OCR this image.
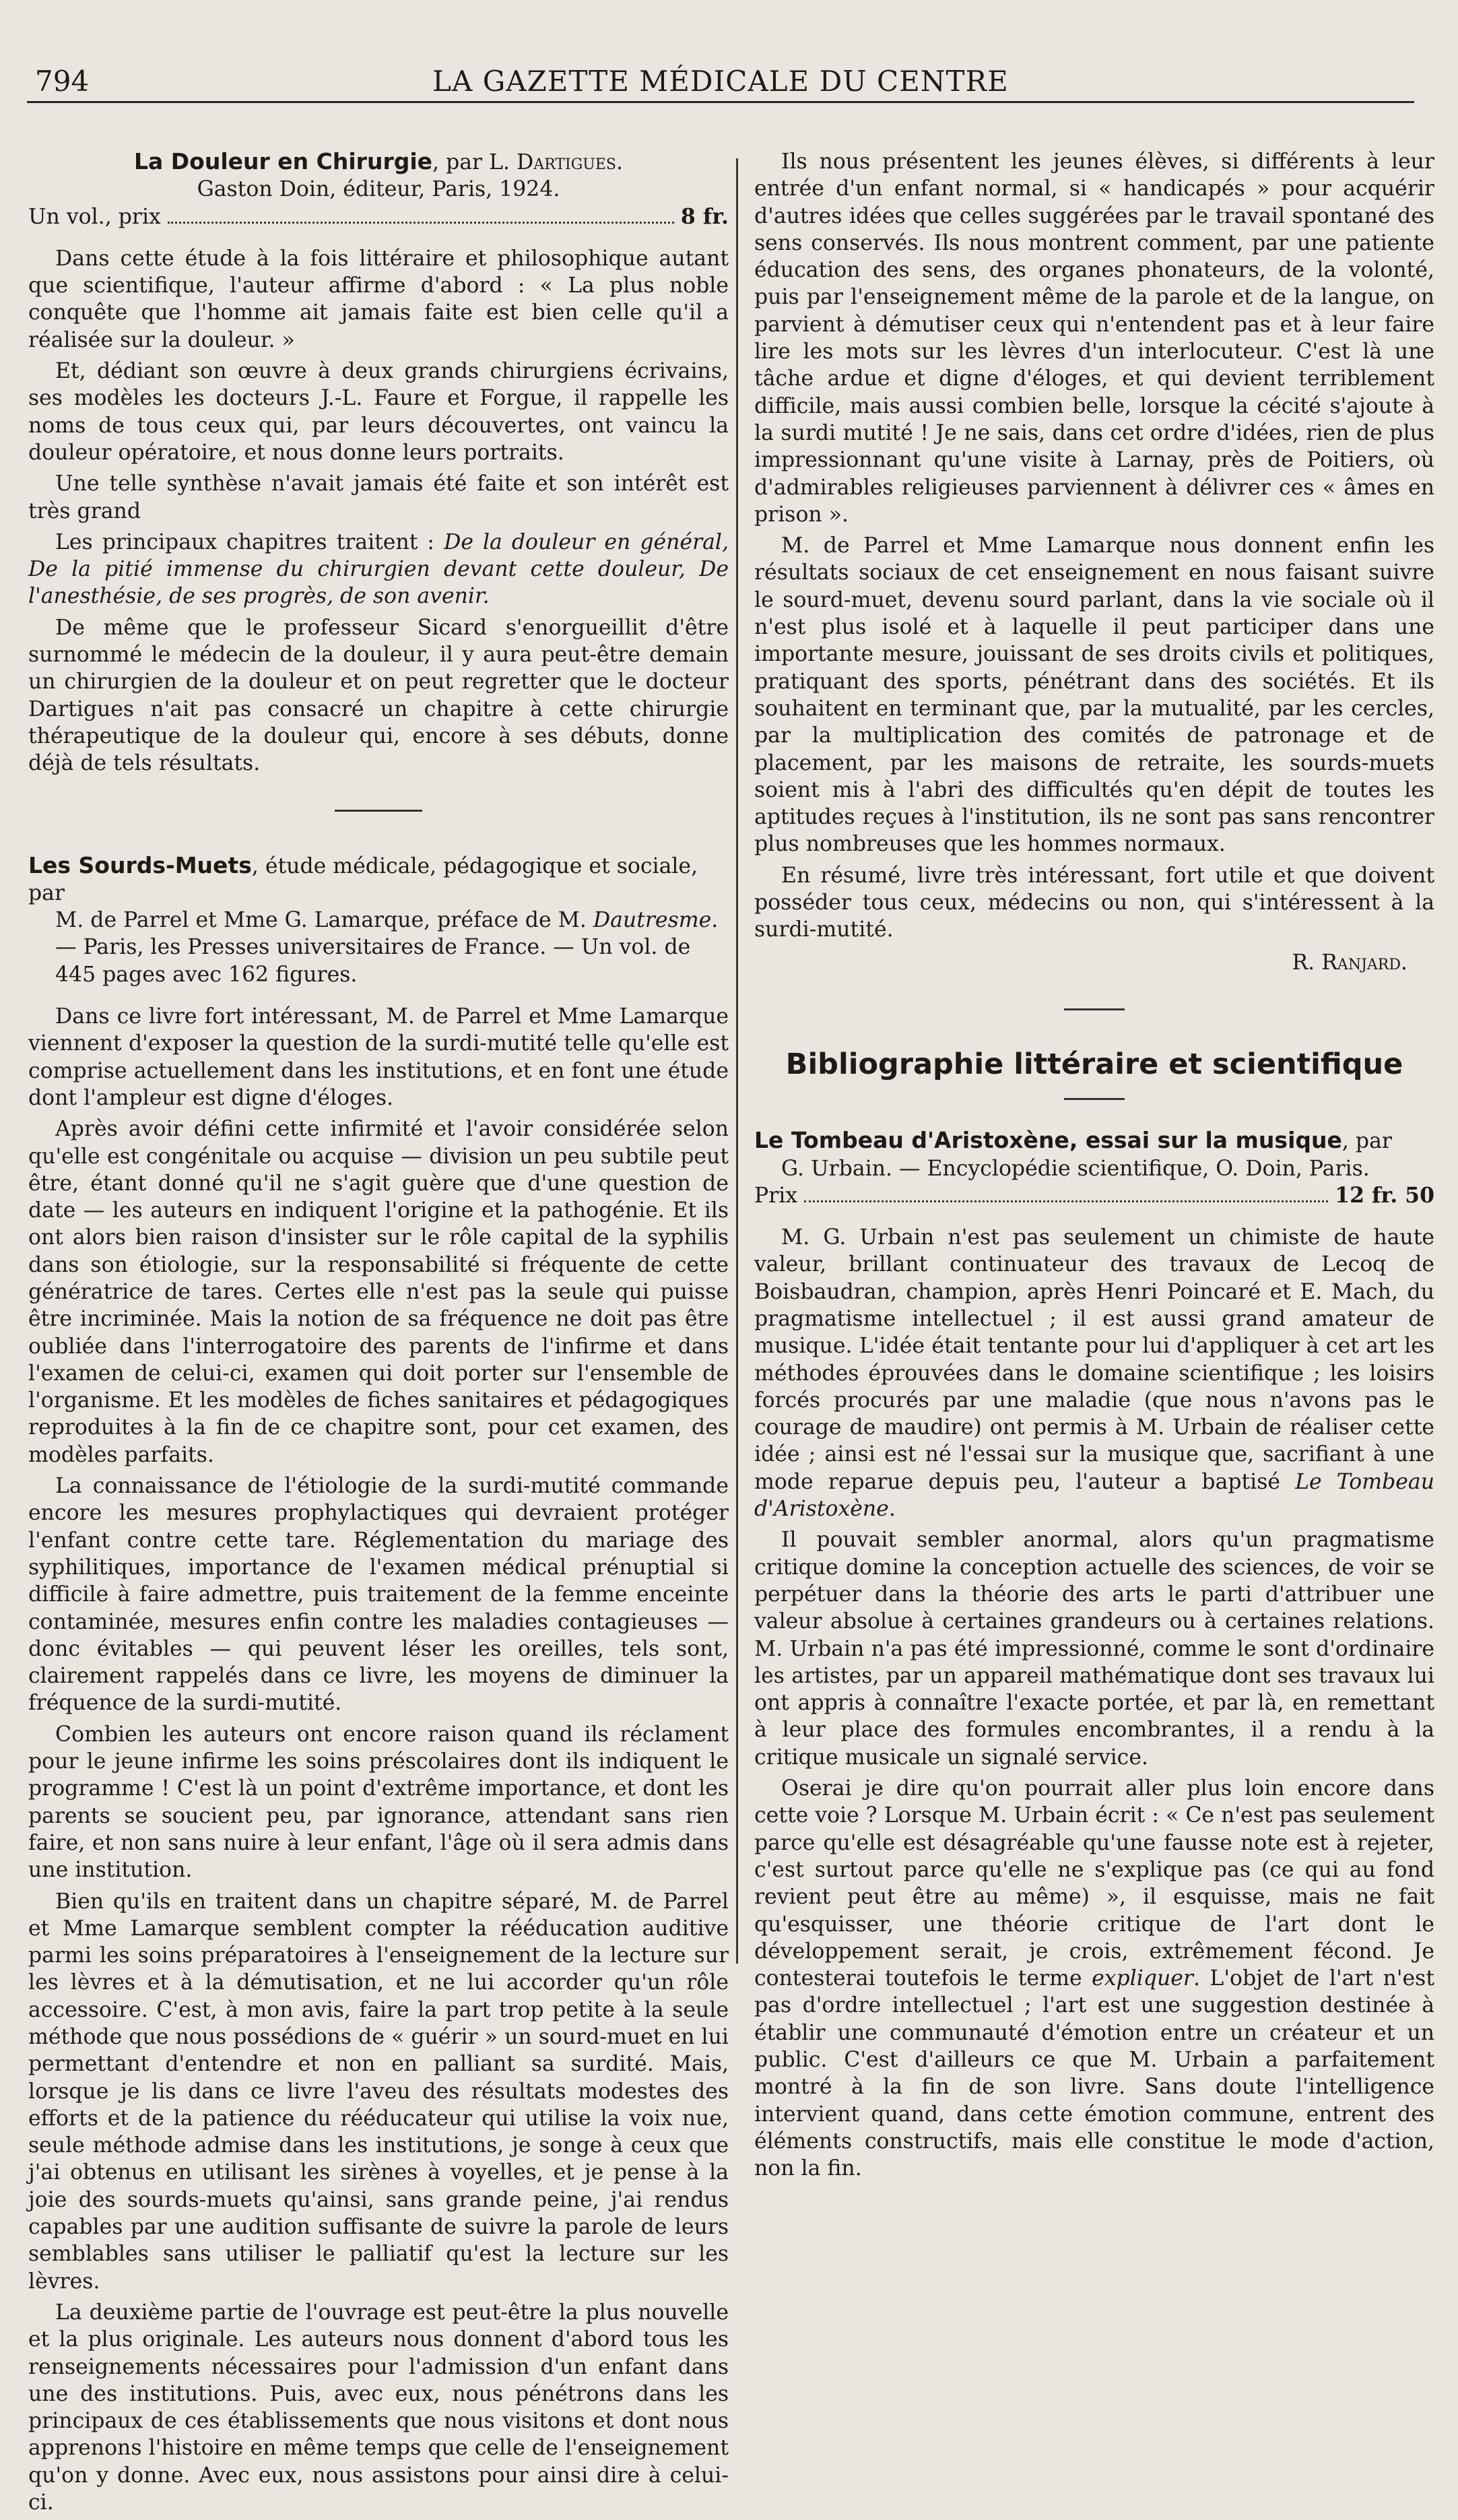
794	LA GAZETTE MÉDICALE DU CENTRE
La Douleur en Chirurgie, par L. Dartigues.
Gaston Doin, éditeur, Paris, 1924.
Un vol., prix	8 fr.

Dans cette étude à la fois littéraire et philosophique autant que scientifique, l'auteur affirme d'abord : « La plus noble conquête que l'homme ait jamais faite est bien celle qu'il a réalisée sur la douleur. »

Et, dédiant son œuvre à deux grands chirurgiens écrivains, ses modèles les docteurs J.-L. Faure et Forgue, il rappelle les noms de tous ceux qui, par leurs découvertes, ont vaincu la douleur opératoire, et nous donne leurs portraits.

Une telle synthèse n'avait jamais été faite et son intérêt est très grand

Les principaux chapitres traitent : De la douleur en général, De la pitié immense du chirurgien devant cette douleur, De l'anesthésie, de ses progrès, de son avenir.

De même que le professeur Sicard s'enorgueillit d'être surnommé le médecin de la douleur, il y aura peut-être demain un chirurgien de la douleur et on peut regretter que le docteur Dartigues n'ait pas consacré un chapitre à cette chirurgie thérapeutique de la douleur qui, encore à ses débuts, donne déjà de tels résultats.

Les Sourds-Muets, étude médicale, pédagogique et sociale, par
M. de Parrel et Mme G. Lamarque, préface de M. Dautresme. — Paris, les Presses universitaires de France. — Un vol. de 445 pages avec 162 figures.

Dans ce livre fort intéressant, M. de Parrel et Mme Lamarque viennent d'exposer la question de la surdi-mutité telle qu'elle est comprise actuellement dans les institutions, et en font une étude dont l'ampleur est digne d'éloges.

Après avoir défini cette infirmité et l'avoir considérée selon qu'elle est congénitale ou acquise — division un peu subtile peut être, étant donné qu'il ne s'agit guère que d'une question de date — les auteurs en indiquent l'origine et la pathogénie. Et ils ont alors bien raison d'insister sur le rôle capital de la syphilis dans son étiologie, sur la responsabilité si fréquente de cette génératrice de tares. Certes elle n'est pas la seule qui puisse être incriminée. Mais la notion de sa fréquence ne doit pas être oubliée dans l'interrogatoire des parents de l'infirme et dans l'examen de celui-ci, examen qui doit porter sur l'ensemble de l'organisme. Et les modèles de fiches sanitaires et pédagogiques reproduites à la fin de ce chapitre sont, pour cet examen, des modèles parfaits.

La connaissance de l'étiologie de la surdi-mutité commande encore les mesures prophylactiques qui devraient protéger l'enfant contre cette tare. Réglementation du mariage des syphilitiques, importance de l'examen médical prénuptial si difficile à faire admettre, puis traitement de la femme enceinte contaminée, mesures enfin contre les maladies contagieuses — donc évitables — qui peuvent léser les oreilles, tels sont, clairement rappelés dans ce livre, les moyens de diminuer la fréquence de la surdi-mutité.

Combien les auteurs ont encore raison quand ils réclament pour le jeune infirme les soins préscolaires dont ils indiquent le programme ! C'est là un point d'extrême importance, et dont les parents se soucient peu, par ignorance, attendant sans rien faire, et non sans nuire à leur enfant, l'âge où il sera admis dans une institution.

Bien qu'ils en traitent dans un chapitre séparé, M. de Parrel et Mme Lamarque semblent compter la rééducation auditive parmi les soins préparatoires à l'enseignement de la lecture sur les lèvres et à la démutisation, et ne lui accorder qu'un rôle accessoire. C'est, à mon avis, faire la part trop petite à la seule méthode que nous possédions de « guérir » un sourd-muet en lui permettant d'entendre et non en palliant sa surdité. Mais, lorsque je lis dans ce livre l'aveu des résultats modestes des efforts et de la patience du rééducateur qui utilise la voix nue, seule méthode admise dans les institutions, je songe à ceux que j'ai obtenus en utilisant les sirènes à voyelles, et je pense à la joie des sourds-muets qu'ainsi, sans grande peine, j'ai rendus capables par une audition suffisante de suivre la parole de leurs semblables sans utiliser le palliatif qu'est la lecture sur les lèvres.

La deuxième partie de l'ouvrage est peut-être la plus nouvelle et la plus originale. Les auteurs nous donnent d'abord tous les renseignements nécessaires pour l'admission d'un enfant dans une des institutions. Puis, avec eux, nous pénétrons dans les principaux de ces établissements que nous visitons et dont nous apprenons l'histoire en même temps que celle de l'enseignement qu'on y donne. Avec eux, nous assistons pour ainsi dire à celui-ci.

Ils nous présentent les jeunes élèves, si différents à leur entrée d'un enfant normal, si « handicapés » pour acquérir d'autres idées que celles suggérées par le travail spontané des sens conservés. Ils nous montrent comment, par une patiente éducation des sens, des organes phonateurs, de la volonté, puis par l'enseignement même de la parole et de la langue, on parvient à démutiser ceux qui n'entendent pas et à leur faire lire les mots sur les lèvres d'un interlocuteur. C'est là une tâche ardue et digne d'éloges, et qui devient terriblement difficile, mais aussi combien belle, lorsque la cécité s'ajoute à la surdi mutité ! Je ne sais, dans cet ordre d'idées, rien de plus impressionnant qu'une visite à Larnay, près de Poitiers, où d'admirables religieuses parviennent à délivrer ces « âmes en prison ».

M. de Parrel et Mme Lamarque nous donnent enfin les résultats sociaux de cet enseignement en nous faisant suivre le sourd-muet, devenu sourd parlant, dans la vie sociale où il n'est plus isolé et à laquelle il peut participer dans une importante mesure, jouissant de ses droits civils et politiques, pratiquant des sports, pénétrant dans des sociétés. Et ils souhaitent en terminant que, par la mutualité, par les cercles, par la multiplication des comités de patronage et de placement, par les maisons de retraite, les sourds-muets soient mis à l'abri des difficultés qu'en dépit de toutes les aptitudes reçues à l'institution, ils ne sont pas sans rencontrer plus nombreuses que les hommes normaux.

En résumé, livre très intéressant, fort utile et que doivent posséder tous ceux, médecins ou non, qui s'intéressent à la surdi-mutité.

R. Ranjard.
Bibliographie littéraire et scientifique
Le Tombeau d'Aristoxène, essai sur la musique, par
G. Urbain. — Encyclopédie scientifique, O. Doin, Paris.
Prix	12 fr. 50

M. G. Urbain n'est pas seulement un chimiste de haute valeur, brillant continuateur des travaux de Lecoq de Boisbaudran, champion, après Henri Poincaré et E. Mach, du pragmatisme intellectuel ; il est aussi grand amateur de musique. L'idée était tentante pour lui d'appliquer à cet art les méthodes éprouvées dans le domaine scientifique ; les loisirs forcés procurés par une maladie (que nous n'avons pas le courage de maudire) ont permis à M. Urbain de réaliser cette idée ; ainsi est né l'essai sur la musique que, sacrifiant à une mode reparue depuis peu, l'auteur a baptisé Le Tombeau d'Aristoxène.

Il pouvait sembler anormal, alors qu'un pragmatisme critique domine la conception actuelle des sciences, de voir se perpétuer dans la théorie des arts le parti d'attribuer une valeur absolue à certaines grandeurs ou à certaines relations. M. Urbain n'a pas été impressionné, comme le sont d'ordinaire les artistes, par un appareil mathématique dont ses travaux lui ont appris à connaître l'exacte portée, et par là, en remettant à leur place des formules encombrantes, il a rendu à la critique musicale un signalé service.

Oserai je dire qu'on pourrait aller plus loin encore dans cette voie ? Lorsque M. Urbain écrit : « Ce n'est pas seulement parce qu'elle est désagréable qu'une fausse note est à rejeter, c'est surtout parce qu'elle ne s'explique pas (ce qui au fond revient peut être au même) », il esquisse, mais ne fait qu'esquisser, une théorie critique de l'art dont le développement serait, je crois, extrêmement fécond. Je contesterai toutefois le terme expliquer. L'objet de l'art n'est pas d'ordre intellectuel ; l'art est une suggestion destinée à établir une communauté d'émotion entre un créateur et un public. C'est d'ailleurs ce que M. Urbain a parfaitement montré à la fin de son livre. Sans doute l'intelligence intervient quand, dans cette émotion commune, entrent des éléments constructifs, mais elle constitue le mode d'action, non la fin.
